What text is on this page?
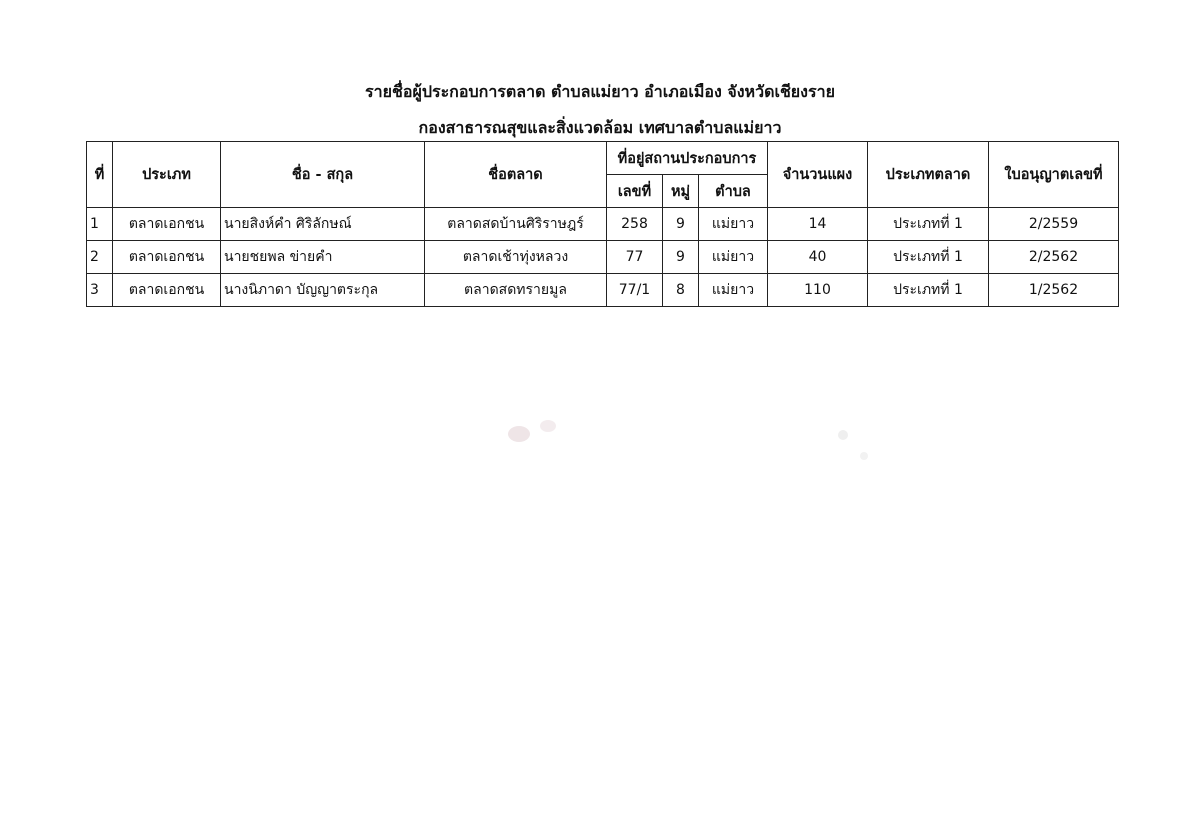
รายชื่อผู้ประกอบการตลาด ตำบลแม่ยาว อำเภอเมือง จังหวัดเชียงราย
กองสาธารณสุขและสิ่งแวดล้อม เทศบาลตำบลแม่ยาว
ที่	ประเภท	ชื่อ - สกุล	ชื่อตลาด	ที่อยู่สถานประกอบการ			จำนวนแผง	ประเภทตลาด	ใบอนุญาตเลขที่
				เลขที่	หมู่	ตำบล			
1	ตลาดเอกชน	นายสิงห์คำ ศิริลักษณ์	ตลาดสดบ้านศิริราษฎร์	258	9	แม่ยาว	14	ประเภทที่ 1	2/2559
2	ตลาดเอกชน	นายชยพล ข่ายคำ	ตลาดเช้าทุ่งหลวง	77	9	แม่ยาว	40	ประเภทที่ 1	2/2562
3	ตลาดเอกชน	นางนิภาดา บัญญาตระกุล	ตลาดสดทรายมูล	77/1	8	แม่ยาว	110	ประเภทที่ 1	1/2562
